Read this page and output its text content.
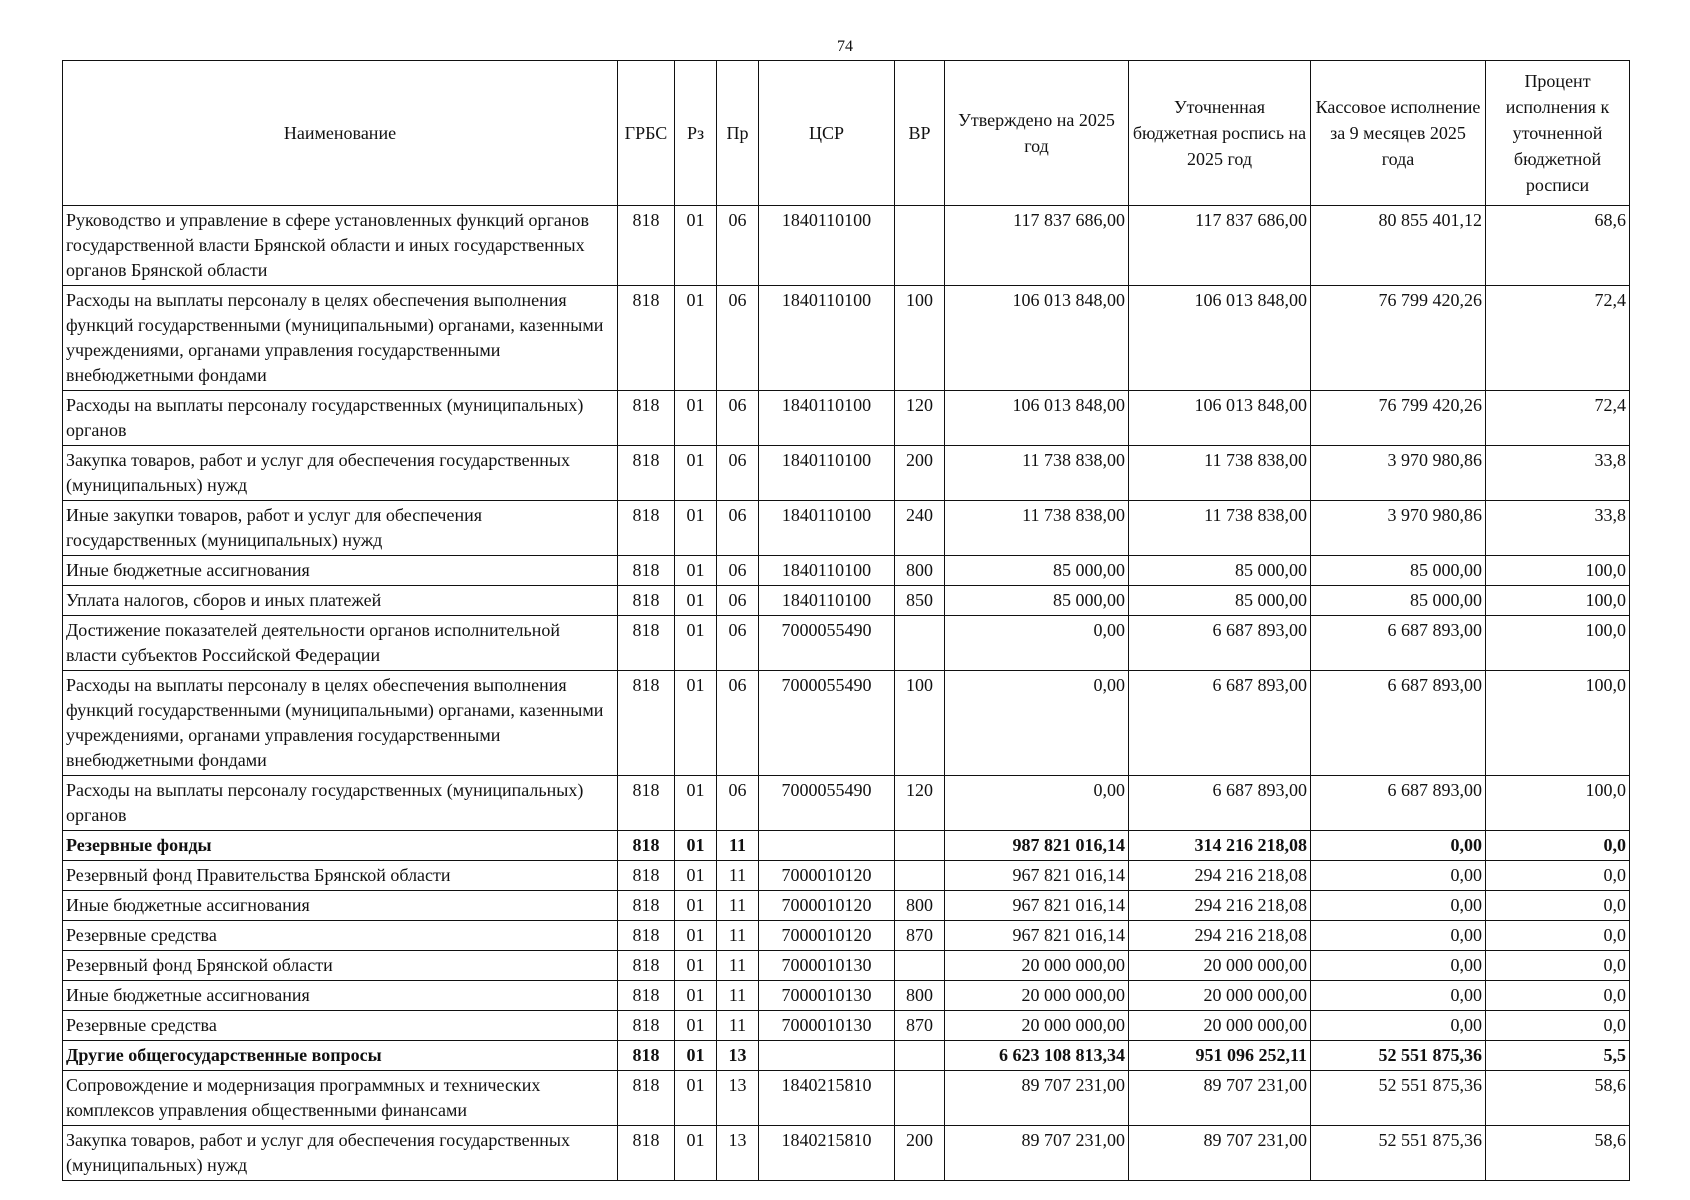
74
Наименование	ГРБС	Рз	Пр	ЦСР	ВР	Утверждено на 2025 год	Уточненная бюджетная роспись на 2025 год	Кассовое исполнение за 9 месяцев 2025 года	Процент исполнения к уточненной бюджетной росписи
Руководство и управление в сфере установленных функций органов государственной власти Брянской области и иных государственных органов Брянской области	818	01	06	1840110100		117 837 686,00	117 837 686,00	80 855 401,12	68,6
Расходы на выплаты персоналу в целях обеспечения выполнения функций государственными (муниципальными) органами, казенными учреждениями, органами управления государственными внебюджетными фондами	818	01	06	1840110100	100	106 013 848,00	106 013 848,00	76 799 420,26	72,4
Расходы на выплаты персоналу государственных (муниципальных) органов	818	01	06	1840110100	120	106 013 848,00	106 013 848,00	76 799 420,26	72,4
Закупка товаров, работ и услуг для обеспечения государственных (муниципальных) нужд	818	01	06	1840110100	200	11 738 838,00	11 738 838,00	3 970 980,86	33,8
Иные закупки товаров, работ и услуг для обеспечения государственных (муниципальных) нужд	818	01	06	1840110100	240	11 738 838,00	11 738 838,00	3 970 980,86	33,8
Иные бюджетные ассигнования	818	01	06	1840110100	800	85 000,00	85 000,00	85 000,00	100,0
Уплата налогов, сборов и иных платежей	818	01	06	1840110100	850	85 000,00	85 000,00	85 000,00	100,0
Достижение показателей деятельности органов исполнительной власти субъектов Российской Федерации	818	01	06	7000055490		0,00	6 687 893,00	6 687 893,00	100,0
Расходы на выплаты персоналу в целях обеспечения выполнения функций государственными (муниципальными) органами, казенными учреждениями, органами управления государственными внебюджетными фондами	818	01	06	7000055490	100	0,00	6 687 893,00	6 687 893,00	100,0
Расходы на выплаты персоналу государственных (муниципальных) органов	818	01	06	7000055490	120	0,00	6 687 893,00	6 687 893,00	100,0
Резервные фонды	818	01	11			987 821 016,14	314 216 218,08	0,00	0,0
Резервный фонд Правительства Брянской области	818	01	11	7000010120		967 821 016,14	294 216 218,08	0,00	0,0
Иные бюджетные ассигнования	818	01	11	7000010120	800	967 821 016,14	294 216 218,08	0,00	0,0
Резервные средства	818	01	11	7000010120	870	967 821 016,14	294 216 218,08	0,00	0,0
Резервный фонд Брянской области	818	01	11	7000010130		20 000 000,00	20 000 000,00	0,00	0,0
Иные бюджетные ассигнования	818	01	11	7000010130	800	20 000 000,00	20 000 000,00	0,00	0,0
Резервные средства	818	01	11	7000010130	870	20 000 000,00	20 000 000,00	0,00	0,0
Другие общегосударственные вопросы	818	01	13			6 623 108 813,34	951 096 252,11	52 551 875,36	5,5
Сопровождение и модернизация программных и технических комплексов управления общественными финансами	818	01	13	1840215810		89 707 231,00	89 707 231,00	52 551 875,36	58,6
Закупка товаров, работ и услуг для обеспечения государственных (муниципальных) нужд	818	01	13	1840215810	200	89 707 231,00	89 707 231,00	52 551 875,36	58,6
